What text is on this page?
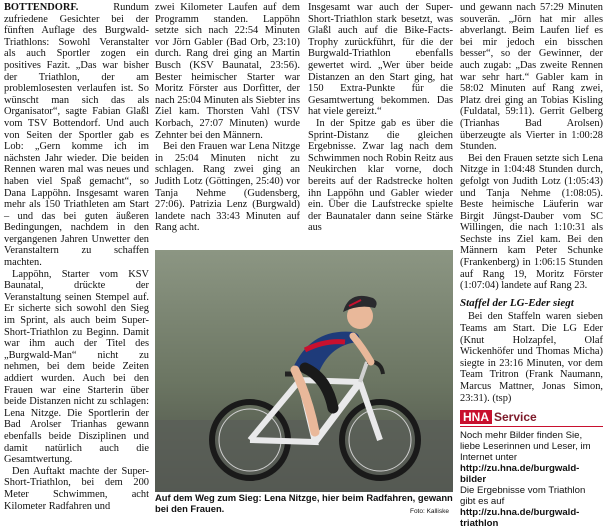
BOTTENDORF.	Rundum zufriedene Gesichter bei der fünften Auflage des Burgwald-Triathlons: Sowohl Veranstalter als auch Sportler zogen ein positives Fazit. „Das war bisher der Triathlon, der am problemlosesten verlaufen ist. So wünscht man sich das als Organisator“, sagte Fabian Glaßl vom TSV Bottendorf. Und auch von Seiten der Sportler gab es Lob: „Gern komme ich im nächsten Jahr wieder. Die beiden Rennen waren mal was neues und haben viel Spaß gemacht“, so Dana Lappöhn. Insgesamt waren mehr als 150 Triathleten am Start – und das bei guten äußeren Bedingungen, nachdem in den vergangenen Jahren Unwetter den Veranstaltern zu schaffen machten.

Lappöhn, Starter vom KSV Baunatal, drückte der Veranstaltung seinen Stempel auf. Er sicherte sich sowohl den Sieg im Sprint, als auch beim Super-Short-Triathlon zu Beginn. Damit war ihm auch der Titel des „Burgwald-Man“ nicht zu nehmen, bei dem beide Zeiten addiert wurden. Auch bei den Frauen war eine Starterin über beide Distanzen nicht zu schlagen: Lena Nitzge. Die Sportlerin der Bad Arolser Trianhas gewann ebenfalls beide Disziplinen und damit natürlich auch die Gesamtwertung.

Den Auftakt machte der Super-Short-Triathlon, bei dem 200 Meter Schwimmen, acht Kilometer Radfahren und

zwei Kilometer Laufen auf dem Programm standen. Lappöhn setzte sich nach 22:54 Minuten vor Jörn Gabler (Bad Orb, 23:10) durch. Rang drei ging an Martin Busch (KSV Baunatal, 23:56). Bester heimischer Starter war Moritz Förster aus Dorfitter, der nach 25:04 Minuten als Siebter ins Ziel kam. Thorsten Vahl (TSV Korbach, 27:07 Minuten) wurde Zehnter bei den Männern.

Bei den Frauen war Lena Nitzge in 25:04 Minuten nicht zu schlagen. Rang zwei ging an Judith Lotz (Göttingen, 25:40) vor Tanja Nehme (Gudensberg, 27:06). Patrizia Lenz (Burgwald) landete nach 33:43 Minuten auf Rang acht.

Insgesamt war auch der Super-Short-Triathlon stark besetzt, was Glaßl auch auf die Bike-Facts-Trophy zurückführt, für die der Burgwald-Triathlon ebenfalls gewertet wird. „Wer über beide Distanzen an den Start ging, hat 150 Extra-Punkte für die Gesamtwertung bekommen. Das hat viele gereizt.“

In der Spitze gab es über die Sprint-Distanz die gleichen Ergebnisse. Zwar lag nach dem Schwimmen noch Robin Reitz aus Neukirchen klar vorne, doch bereits auf der Radstrecke holten ihn Lappöhn und Gabler wieder ein. Über die Laufstrecke spielte der Baunataler dann seine Stärke aus

und gewann nach 57:29 Minuten souverän. „Jörn hat mir alles abverlangt. Beim Laufen lief es bei mir jedoch ein bisschen besser“, so der Gewinner, der auch zugab: „Das zweite Rennen war sehr hart.“ Gabler kam in 58:02 Minuten auf Rang zwei, Platz drei ging an Tobias Kisling (Fuldatal, 59:11). Gerrit Gelberg (Trianhas Bad Arolsen) überzeugte als Vierter in 1:00:28 Stunden.

Bei den Frauen setzte sich Lena Nitzge in 1:04:48 Stunden durch, gefolgt von Judith Lotz (1:05:43) und Tanja Nehme (1:08:05). Beste heimische Läuferin war Birgit Jüngst-Dauber vom SC Willingen, die nach 1:10:31 als Sechste ins Ziel kam. Bei den Männern kam Peter Schunke (Frankenberg) in 1:06:15 Stunden auf Rang 19, Moritz Förster (1:07:04) landete auf Rang 23.

Staffel der LG-Eder siegt

Bei den Staffeln waren sieben Teams am Start. Die LG Eder (Knut Holzapfel, Olaf Wickenhöfer und Thomas Micha) siegte in 23:16 Minuten, vor dem Team Tritron (Frank Naumann, Marcus Mattner, Jonas Simon, 23:31). (tsp)

HNA Service

Noch mehr Bilder finden Sie, liebe Leserinnen und Leser, im Internet unter http://zu.hna.de/burgwald-bilder

Die Ergebnisse vom Triathlon gibt es auf http://zu.hna.de/burgwald-triathlon

Auf dem Weg zum Sieg: Lena Nitzge, hier beim Radfahren, gewann bei den Frauen.	Foto: Kalliske
